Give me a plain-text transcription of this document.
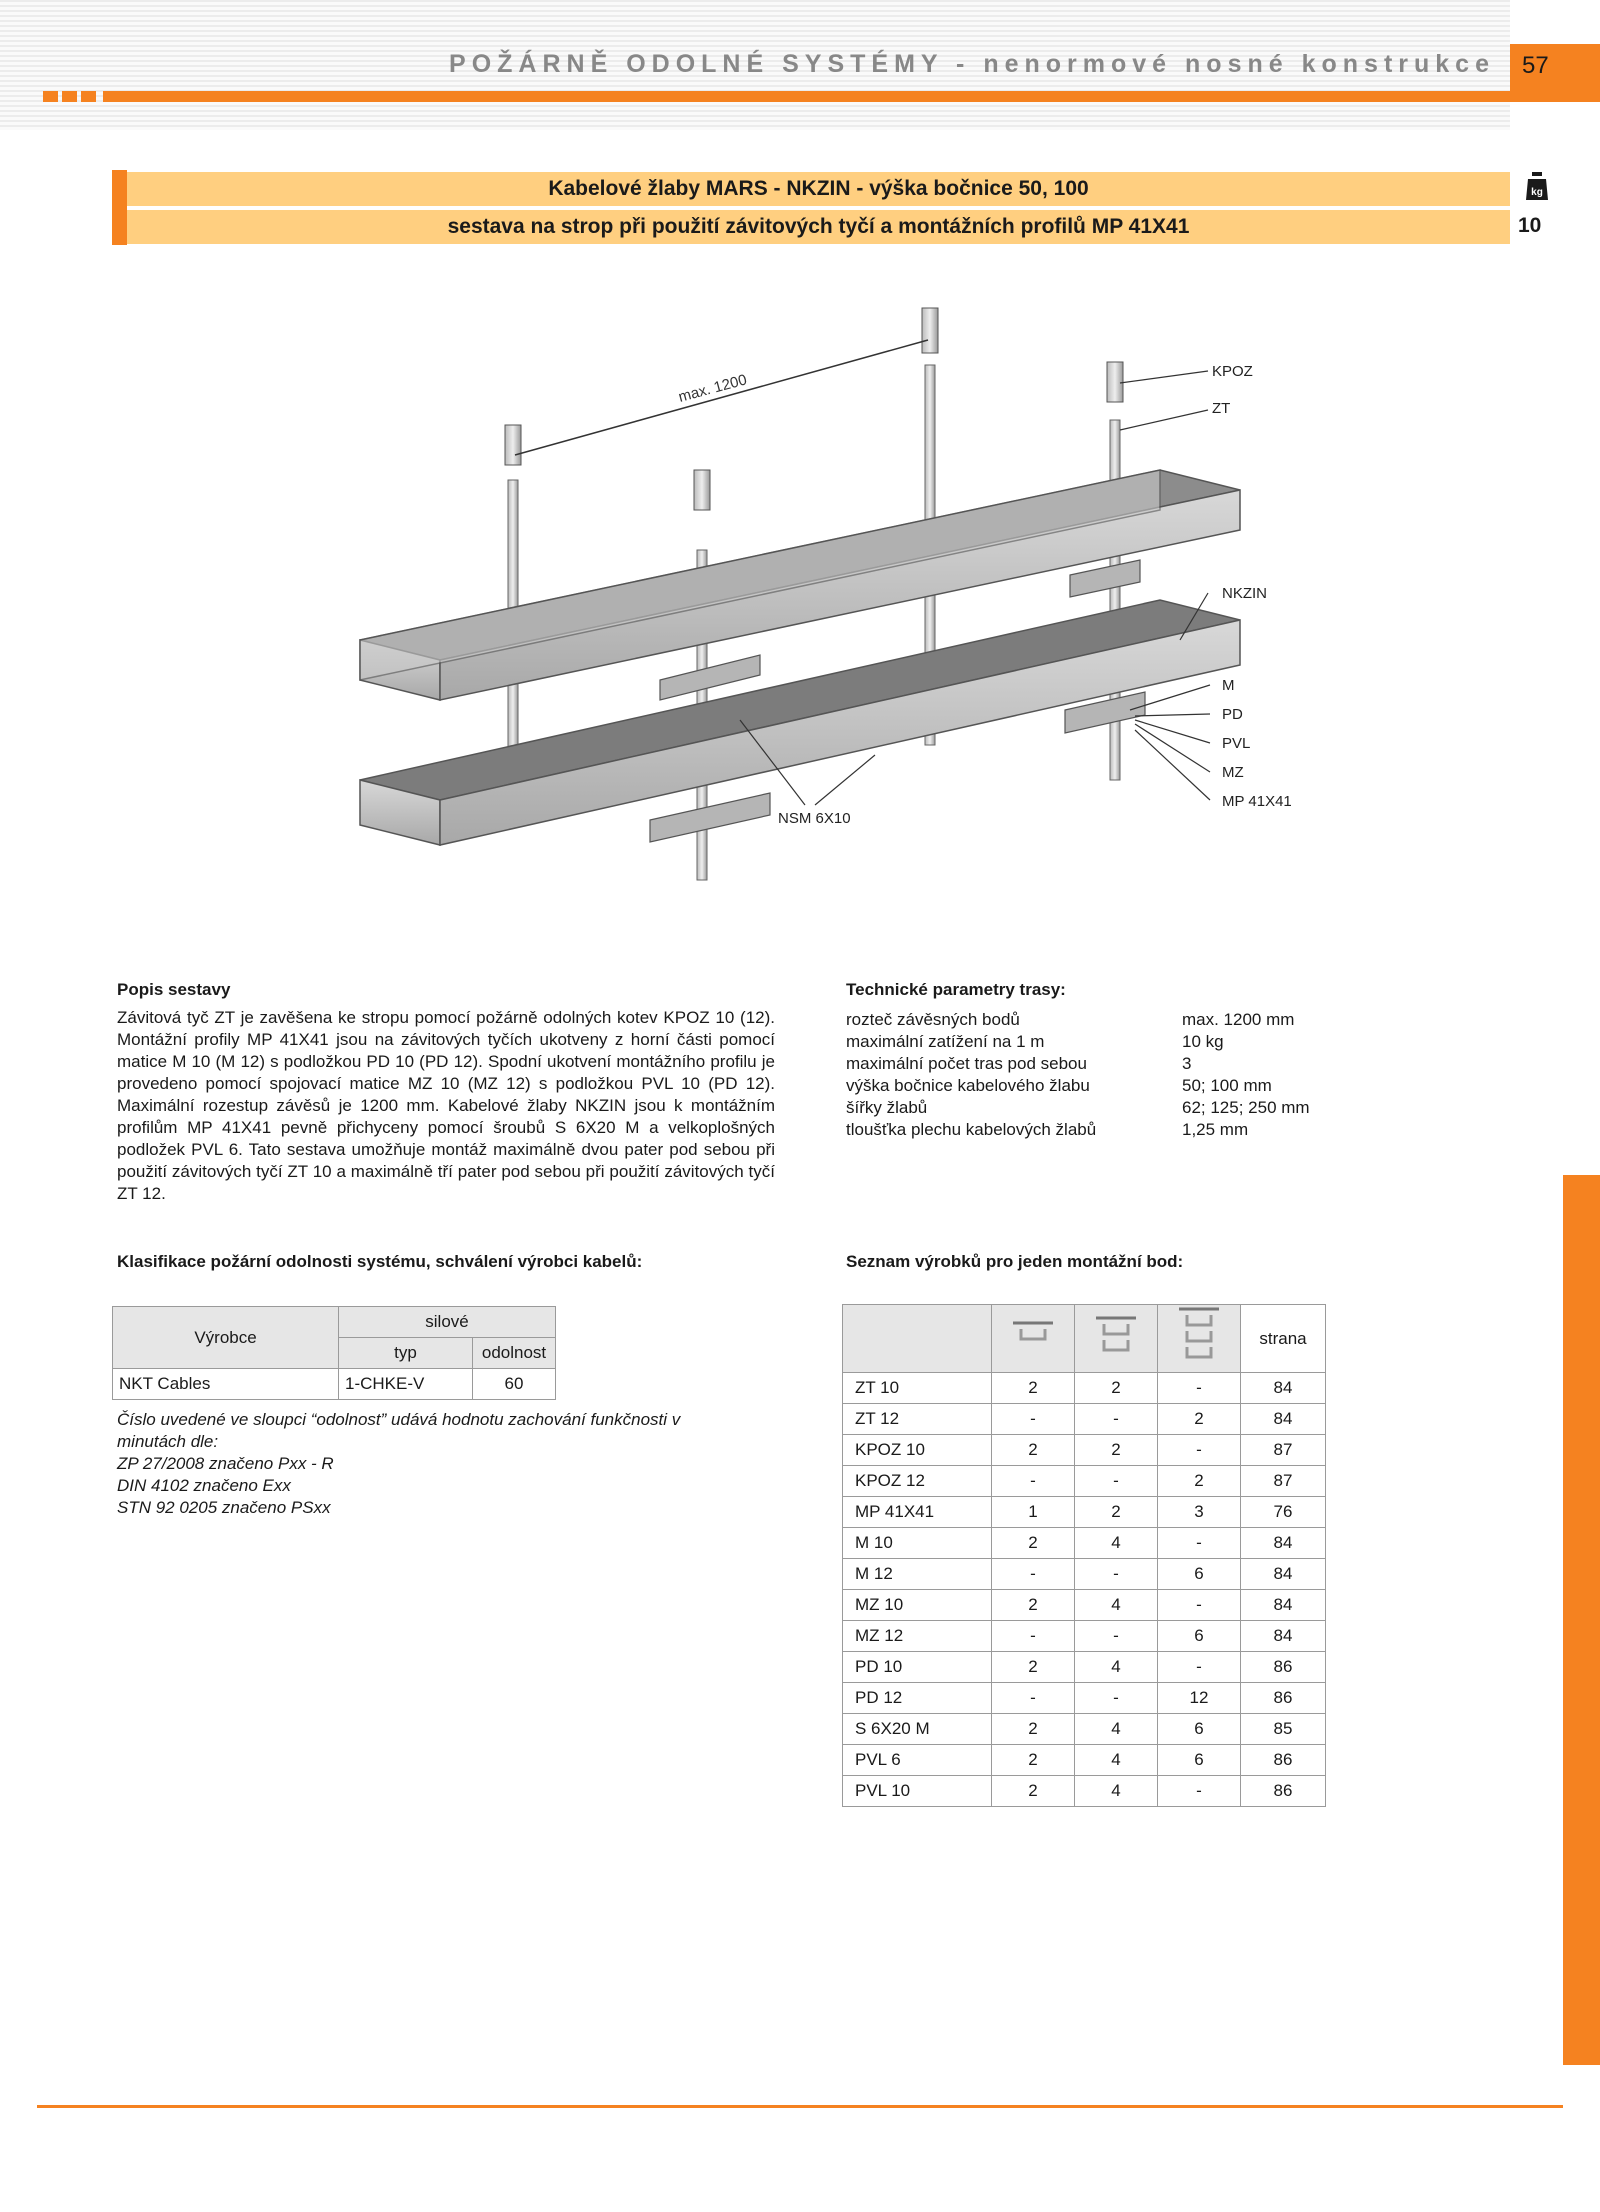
POŽÁRNĚ ODOLNÉ SYSTÉMY - nenormové nosné konstrukce 57
Kabelové žlaby MARS - NKZIN - výška bočnice 50, 100
sestava na strop při použití závitových tyčí a montážních profilů MP 41X41
kg
10
max. 1200	KPOZ
ZT
NKZIN
M
PD
PVL
MZ
MP 41X41
NSM 6X10
Popis sestavy
Závitová tyč ZT je zavěšena ke stropu pomocí požárně odolných kotev KPOZ 10 (12). Montážní profily MP 41X41 jsou na závitových tyčích ukotveny z horní části pomocí matice M 10 (M 12) s podložkou PD 10 (PD 12). Spodní ukotvení montážního profilu je provedeno pomocí spojovací matice MZ 10 (MZ 12) s podložkou PVL 10 (PD 12). Maximální rozestup závěsů je 1200 mm. Kabelové žlaby NKZIN jsou k montážním profilům MP 41X41 pevně přichyceny pomocí šroubů S 6X20 M a velkoplošných podložek PVL 6. Tato sestava umožňuje montáž maximálně dvou pater pod sebou při použití závitových tyčí ZT 10 a maximálně tří pater pod sebou při použití závitových tyčí ZT 12.
Technické parametry trasy:
rozteč závěsných bodů	max. 1200 mm
maximální zatížení na 1 m	10 kg
maximální počet tras pod sebou	3
výška bočnice kabelového žlabu	50; 100 mm
šířky žlabů	62; 125; 250 mm
tloušťka plechu kabelových žlabů	1,25 mm
Klasifikace požární odolnosti systému, schválení výrobci kabelů:
Výrobce	silové	
	typ	odolnost
NKT Cables	1-CHKE-V	60
Číslo uvedené ve sloupci “odolnost” udává hodnotu zachování funkčnosti v
minutách dle:
ZP 27/2008 značeno Pxx - R
DIN 4102 značeno Exx
STN 92 0205 značeno PSxx
Seznam výrobků pro jeden montážní bod:
				strana
ZT 10	2	2	-	84
ZT 12	-	-	2	84
KPOZ 10	2	2	-	87
KPOZ 12	-	-	2	87
MP 41X41	1	2	3	76
M 10	2	4	-	84
M 12	-	-	6	84
MZ 10	2	4	-	84
MZ 12	-	-	6	84
PD 10	2	4	-	86
PD 12	-	-	12	86
S 6X20 M	2	4	6	85
PVL 6	2	4	6	86
PVL 10	2	4	-	86
